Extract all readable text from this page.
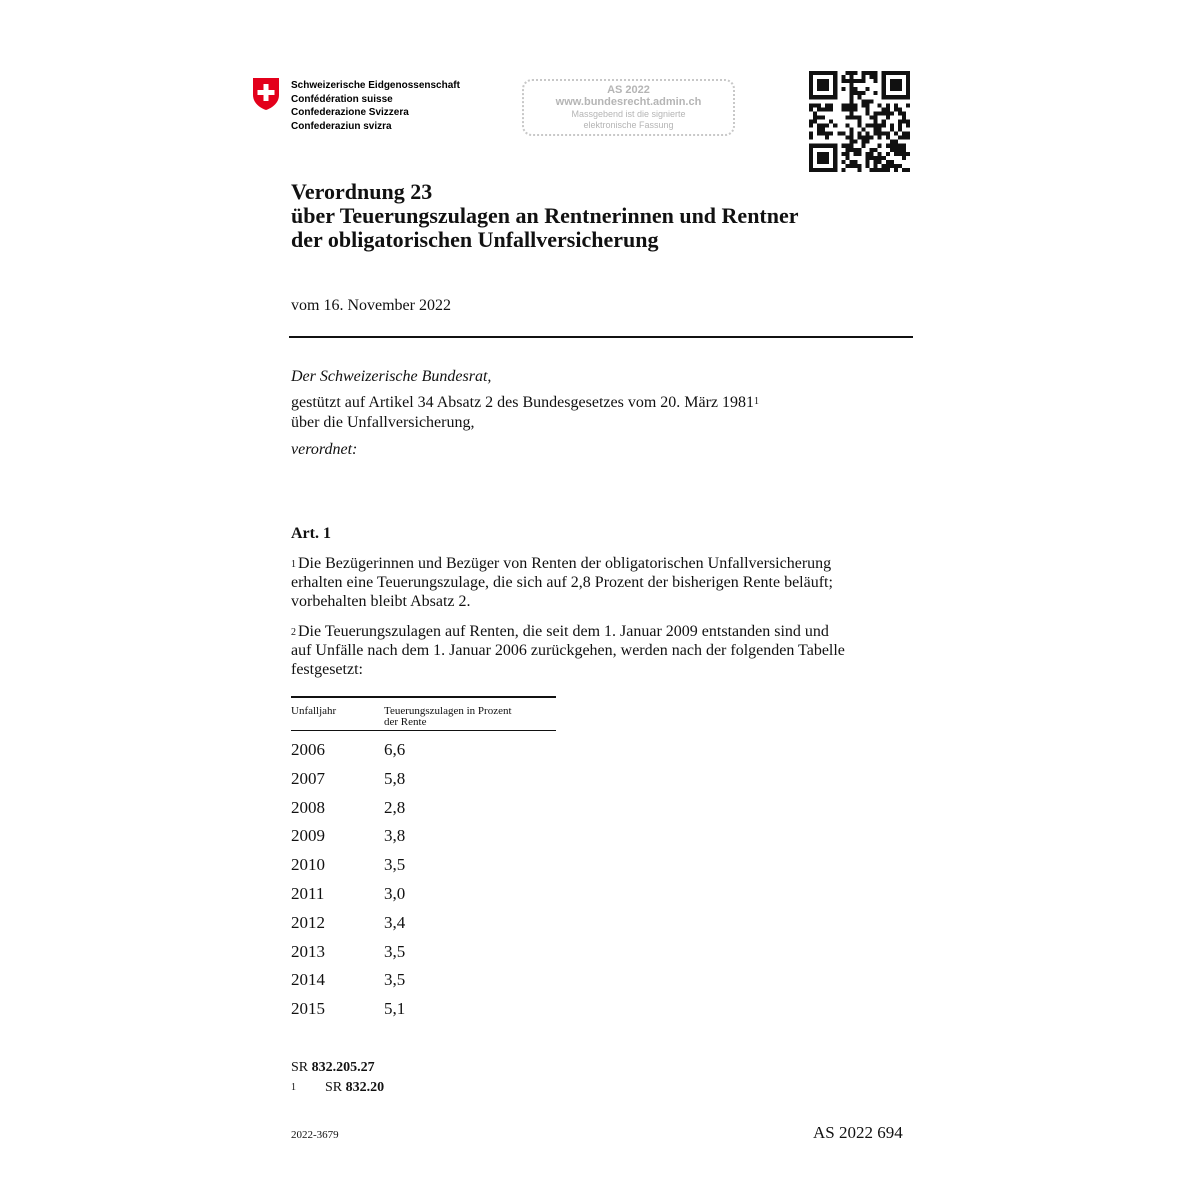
Schweizerische Eidgenossenschaft
Confédération suisse
Confederazione Svizzera
Confederaziun svizra
AS 2022
www.bundesrecht.admin.ch
Massgebend ist die signierte
elektronische Fassung
Verordnung 23
über Teuerungszulagen an Rentnerinnen und Rentner
der obligatorischen Unfallversicherung
vom 16. November 2022
Der Schweizerische Bundesrat,
gestützt auf Artikel 34 Absatz 2 des Bundesgesetzes vom 20. März 1981$^1$
über die Unfallversicherung,
verordnet:
Art. 1
$^1$ Die Bezügerinnen und Bezüger von Renten der obligatorischen Unfallversicherung
erhalten eine Teuerungszulage, die sich auf 2,8 Prozent der bisherigen Rente beläuft;
vorbehalten bleibt Absatz 2.
$^2$ Die Teuerungszulagen auf Renten, die seit dem 1. Januar 2009 entstanden sind und
auf Unfälle nach dem 1. Januar 2006 zurückgehen, werden nach der folgenden Tabelle
festgesetzt:
Unfalljahr	Teuerungszulagen in Prozent
der Rente
2006	6,6
2007	5,8
2008	2,8
2009	3,8
2010	3,5
2011	3,0
2012	3,4
2013	3,5
2014	3,5
2015	5,1
SR 832.205.27
1 SR 832.20
2022-3679	AS 2022 694
